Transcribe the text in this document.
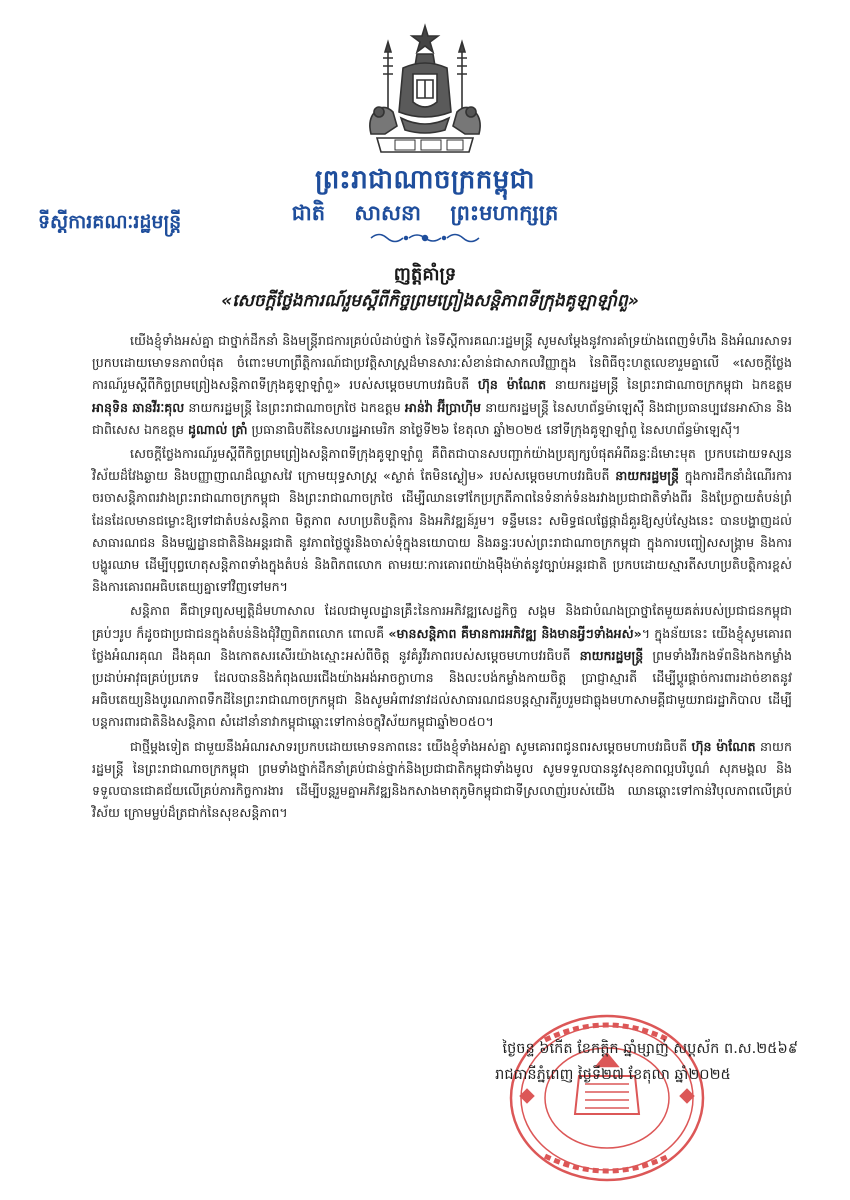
ព្រះរាជាណាចក្រកម្ពុជា
ជាតិ សាសនា ព្រះមហាក្សត្រ
ទីស្ដីការគណៈរដ្ឋមន្ត្រី
ញត្តិគាំទ្រ
«សេចក្ដីថ្លែងការណ៍រួមស្ដីពីកិច្ចព្រមព្រៀងសន្តិភាពទីក្រុងគូឡាឡាំពួ»

យើងខ្ញុំទាំងអស់គ្នា ជាថ្នាក់ដឹកនាំ និងមន្ត្រីរាជការគ្រប់លំដាប់ថ្នាក់ នៃទីស្ដីការគណៈរដ្ឋមន្ត្រី សូមសម្ដែងនូវការគាំទ្រយ៉ាងពេញទំហឹង និងអំណរសាទរប្រកបដោយមោទនភាពបំផុត ចំពោះមហាព្រឹត្តិការណ៍ជាប្រវត្តិសាស្ត្រដ៏មានសារៈសំខាន់ជាសាកលវិញ្ញាក្នុង នៃពិធីចុះហត្ថលេខារួមគ្នាលើ «សេចក្ដីថ្លែងការណ៍រួមស្ដីពីកិច្ចព្រមព្រៀងសន្តិភាពទីក្រុងគូឡាឡាំពួ» របស់សម្ដេចមហាបវរធិបតី ហ៊ុន ម៉ាណែត នាយករដ្ឋមន្ត្រី នៃព្រះរាជាណាចក្រកម្ពុជា ឯកឧត្ដម អានុទិន ឆានវីរៈគុល នាយករដ្ឋមន្ត្រី នៃព្រះរាជាណាចក្រថៃ ឯកឧត្ដម អាន់វ៉ា អ៊ីប្រាហ៊ីម នាយករដ្ឋមន្ត្រី នៃសហព័ន្ធម៉ាឡេស៊ី និងជាប្រធានប្បវេនអាស៊ាន និងជាពិសេស ឯកឧត្ដម ដូណាល់ ត្រាំ ប្រធានាធិបតីនៃសហរដ្ឋអាមេរិក នាថ្ងៃទី២៦ ខែតុលា ឆ្នាំ២០២៥ នៅទីក្រុងគូឡាឡាំពួ នៃសហព័ន្ធម៉ាឡេស៊ី។

សេចក្ដីថ្លែងការណ៍រួមស្ដីពីកិច្ចព្រមព្រៀងសន្តិភាពទីក្រុងគូឡាឡាំពួ គឺពិតជាបានសបញ្ជាក់យ៉ាងប្រត្យក្សបំផុតអំពីឆន្ទៈដ៏មោះមុត ប្រកបដោយទស្សនវិស័យដ៏វែងឆ្ងាយ និងបញ្ញាញាណដ៏ឈ្លាសវៃ ក្រោមយុទ្ធសាស្ត្រ «ស្ងាត់ តែមិនស្ងៀម» របស់សម្ដេចមហាបវរធិបតី នាយករដ្ឋមន្ត្រី ក្នុងការដឹកនាំដំណើរការចរចាសន្តិភាពរវាងព្រះរាជាណាចក្រកម្ពុជា និងព្រះរាជាណាចក្រថៃ ដើម្បីឈានទៅកែប្រក្រតីភាពនៃទំនាក់ទំនងរវាងប្រជាជាតិទាំងពីរ និងប្រែក្លាយតំបន់ព្រំដែនដែលមានជម្លោះឱ្យទៅជាតំបន់សន្តិភាព មិត្តភាព សហប្រតិបត្តិការ និងអភិវឌ្ឍន៍រួម។ ទន្ទឹមនេះ សមិទ្ធផលផ្លែផ្កាដ៏គួរឱ្យស្ញប់ស្ញែងនេះ បានបង្ហាញដល់សាធារណជន និងមជ្ឈដ្ឋានជាតិនិងអន្តរជាតិ នូវភាពថ្លៃថ្នូរនិងចាស់ទុំក្នុងនយោបាយ និងឆន្ទៈរបស់ព្រះរាជាណាចក្រកម្ពុជា ក្នុងការបញ្ចៀសសង្គ្រាម និងការបង្ហូរឈាម ដើម្បីបុព្វហេតុសន្តិភាពទាំងក្នុងតំបន់ និងពិភពលោក តាមរយៈការគោរពយ៉ាងម៉ឺងម៉ាត់នូវច្បាប់អន្តរជាតិ ប្រកបដោយស្មារតីសហប្រតិបត្តិការខ្ពស់ និងការគោរពអធិបតេយ្យគ្នាទៅវិញទៅមក។

សន្តិភាព គឺជាទ្រព្យសម្បត្តិដ៏មហាសាល ដែលជាមូលដ្ឋានគ្រឹះនៃការអភិវឌ្ឍសេដ្ឋកិច្ច សង្គម និងជាបំណងប្រាថ្នាតែមួយគត់របស់ប្រជាជនកម្ពុជាគ្រប់ៗរូប ក៏ដូចជាប្រជាជនក្នុងតំបន់និងជុំវិញពិភពលោក ពោលគឺ «មានសន្តិភាព គឺមានការអភិវឌ្ឍ និងមានអ្វីៗទាំងអស់»។ ក្នុងន័យនេះ យើងខ្ញុំសូមគោរពថ្លែងអំណរគុណ ដឹងគុណ និងកោតសរសើរយ៉ាងស្មោះអស់ពីចិត្ត នូវគំរូវីរភាពរបស់សម្ដេចមហាបវរធិបតី នាយករដ្ឋមន្ត្រី ព្រមទាំងវីរកងទ័ពនិងកងកម្លាំងប្រដាប់អាវុធគ្រប់ប្រភេទ ដែលបាននិងកំពុងឈរជើងយ៉ាងអង់អាចក្លាហាន និងលះបង់កម្លាំងកាយចិត្ត ប្រាជ្ញាស្មារតី ដើម្បីប្ដូរផ្ដាច់ការពារដាច់ខាតនូវអធិបតេយ្យនិងបូរណភាពទឹកដីនៃព្រះរាជាណាចក្រកម្ពុជា និងសូមអំពាវនាវដល់សាធារណជនបន្តស្មារតីរួបរួមជាធ្លុងមហាសាមគ្គីជាមួយរាជរដ្ឋាភិបាល ដើម្បីបន្តការពារជាតិនិងសន្តិភាព សំដៅនាំនាវាកម្ពុជាឆ្ពោះទៅកាន់ចក្ខុវិស័យកម្ពុជាឆ្នាំ២០៥០។

ជាថ្មីម្ដងទៀត ជាមួយនឹងអំណរសាទរប្រកបដោយមោទនភាពនេះ យើងខ្ញុំទាំងអស់គ្នា សូមគោរពជូនពរសម្ដេចមហាបវរធិបតី ហ៊ុន ម៉ាណែត នាយករដ្ឋមន្ត្រី នៃព្រះរាជាណាចក្រកម្ពុជា ព្រមទាំងថ្នាក់ដឹកនាំគ្រប់ជាន់ថ្នាក់និងប្រជាជាតិកម្ពុជាទាំងមូល សូមទទួលបាននូវសុខភាពល្អបរិបូណ៌ សុភមង្គល និងទទួលបានជោគជ័យលើគ្រប់ភារកិច្ចការងារ ដើម្បីបន្តរួមគ្នាអភិវឌ្ឍនិងកសាងមាតុភូមិកម្ពុជាជាទីស្រលាញ់របស់យើង ឈានឆ្ពោះទៅកាន់វិបុលភាពលើគ្រប់វិស័យ ក្រោមម្លប់ដ៏ត្រជាក់នៃសុខសន្តិភាព។

ថ្ងៃចន្ទ ៦កើត ខែកត្តិក ឆ្នាំម្សាញ់ សប្តស័ក ព.ស.២៥៦៩
រាជធានីភ្នំពេញ ថ្ងៃទី២៧ ខែតុលា ឆ្នាំ២០២៥
